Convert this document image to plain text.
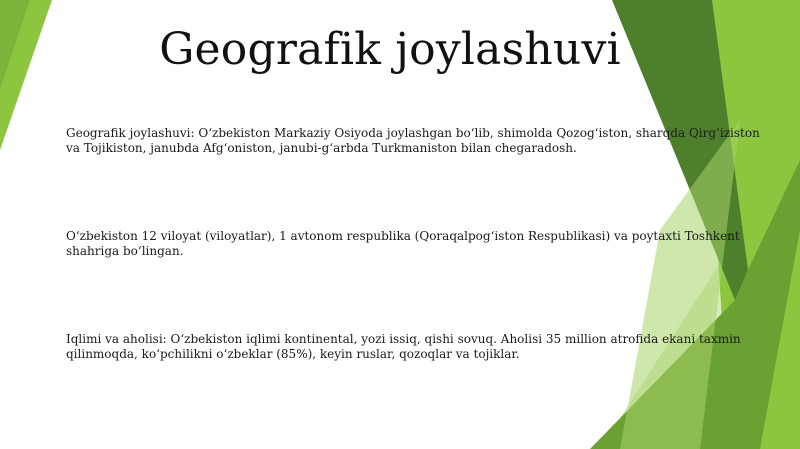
Geografik joylashuvi
Geografik joylashuvi: O‘zbekiston Markaziy Osiyoda joylashgan bo‘lib, shimolda Qozog‘iston, sharqda Qirg‘iziston va Tojikiston, janubda Afg‘oniston, janubi-g‘arbda Turkmaniston bilan chegaradosh.
O‘zbekiston 12 viloyat (viloyatlar), 1 avtonom respublika (Qoraqalpog‘iston Respublikasi) va poytaxti Toshkent shahriga bo‘lingan.
Iqlimi va aholisi: O‘zbekiston iqlimi kontinental, yozi issiq, qishi sovuq. Aholisi 35 million atrofida ekani taxmin qilinmoqda, ko‘pchilikni o‘zbeklar (85%), keyin ruslar, qozoqlar va tojiklar.
